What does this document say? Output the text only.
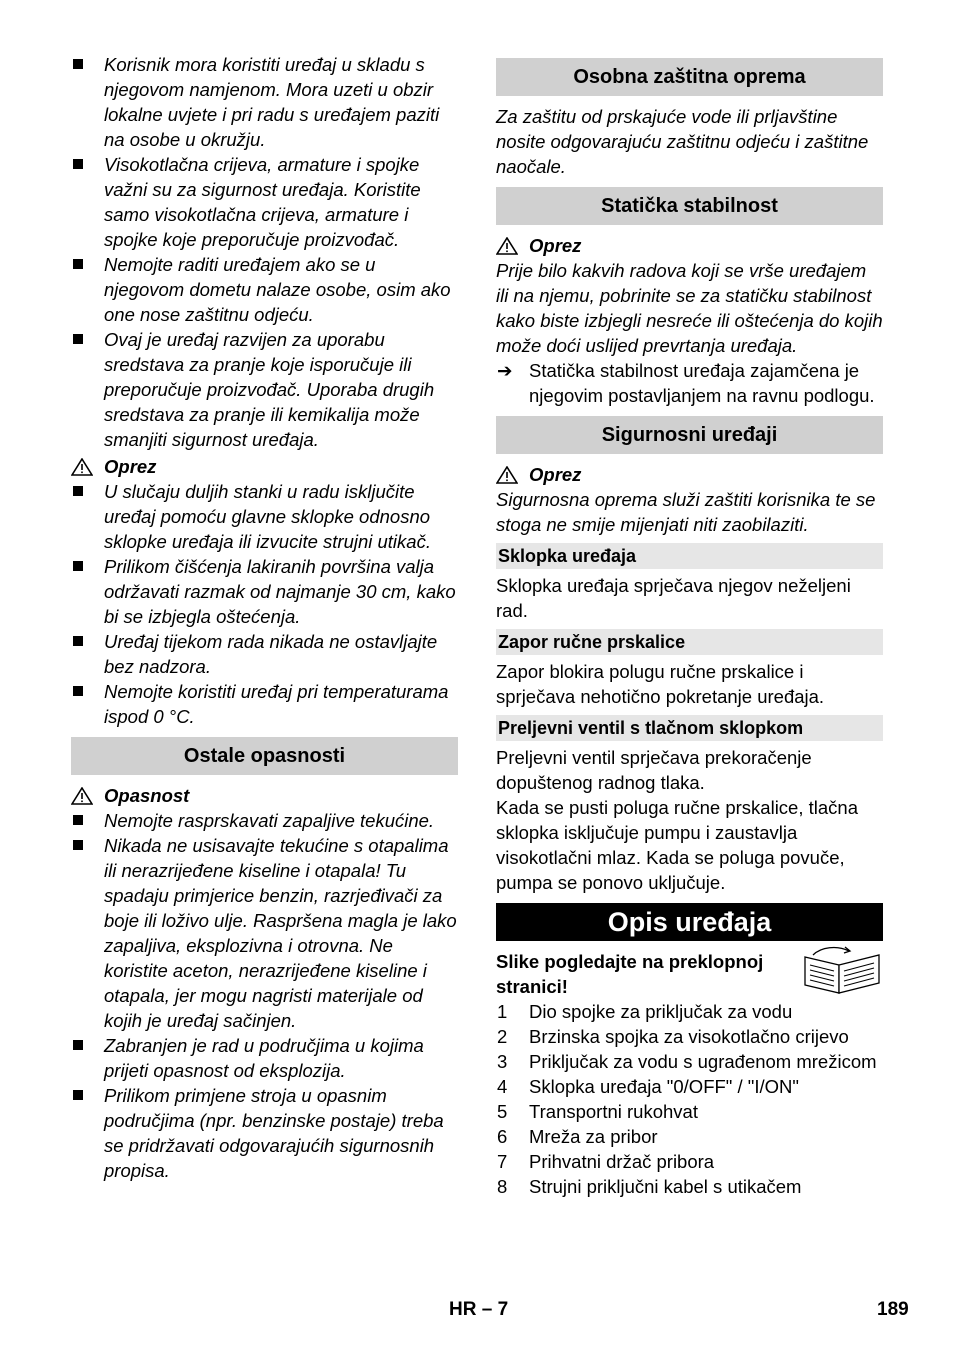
Korisnik mora koristiti uređaj u skladu s njegovom namjenom. Mora uzeti u obzir lokalne uvjete i pri radu s uređajem paziti na osobe u okružju.
Visokotlačna crijeva, armature i spojke važni su za sigurnost uređaja. Koristite samo visokotlačna crijeva, armature i spojke koje preporučuje proizvođač.
Nemojte raditi uređajem ako se u njegovom dometu nalaze osobe, osim ako one nose zaštitnu odjeću.
Ovaj je uređaj razvijen za uporabu sredstava za pranje koje isporučuje ili preporučuje proizvođač. Uporaba drugih sredstava za pranje ili kemikalija može smanjiti sigurnost uređaja.
Oprez
U slučaju duljih stanki u radu isključite uređaj pomoću glavne sklopke odnosno sklopke uređaja ili izvucite strujni utikač.
Prilikom čišćenja lakiranih površina valja održavati razmak od najmanje 30 cm, kako bi se izbjegla oštećenja.
Uređaj tijekom rada nikada ne ostavljajte bez nadzora.
Nemojte koristiti uređaj pri temperaturama ispod 0 °C.
Ostale opasnosti
Opasnost
Nemojte rasprskavati zapaljive tekućine.
Nikada ne usisavajte tekućine s otapalima ili nerazrijeđene kiseline i otapala! Tu spadaju primjerice benzin, razrjeđivači za boje ili loživo ulje. Raspršena magla je lako zapaljiva, eksplozivna i otrovna. Ne koristite aceton, nerazrijeđene kiseline i otapala, jer mogu nagristi materijale od kojih je uređaj sačinjen.
Zabranjen je rad u područjima u kojima prijeti opasnost od eksplozija.
Prilikom primjene stroja u opasnim područjima (npr. benzinske postaje) treba se pridržavati odgovarajućih sigurnosnih propisa.
Osobna zaštitna oprema
Za zaštitu od prskajuće vode ili prljavštine nosite odgovarajuću zaštitnu odjeću i zaštitne naočale.
Statička stabilnost
Oprez
Prije bilo kakvih radova koji se vrše uređajem ili na njemu, pobrinite se za statičku stabilnost kako biste izbjegli nesreće ili oštećenja do kojih može doći uslijed prevrtanja uređaja.
➔ Statička stabilnost uređaja zajamčena je njegovim postavljanjem na ravnu podlogu.
Sigurnosni uređaji
Oprez
Sigurnosna oprema služi zaštiti korisnika te se stoga ne smije mijenjati niti zaobilaziti.
Sklopka uređaja
Sklopka uređaja sprječava njegov neželjeni rad.
Zapor ručne prskalice
Zapor blokira polugu ručne prskalice i sprječava nehotično pokretanje uređaja.
Preljevni ventil s tlačnom sklopkom
Preljevni ventil sprječava prekoračenje dopuštenog radnog tlaka.
Kada se pusti poluga ručne prskalice, tlačna sklopka isključuje pumpu i zaustavlja visokotlačni mlaz. Kada se poluga povuče, pumpa se ponovo uključuje.
Opis uređaja
Slike pogledajte na preklopnoj stranici!
1 Dio spojke za priključak za vodu
2 Brzinska spojka za visokotlačno crijevo
3 Priključak za vodu s ugrađenom mrežicom
4 Sklopka uređaja "0/OFF" / "I/ON"
5 Transportni rukohvat
6 Mreža za pribor
7 Prihvatni držač pribora
8 Strujni priključni kabel s utikačem
HR – 7	189
